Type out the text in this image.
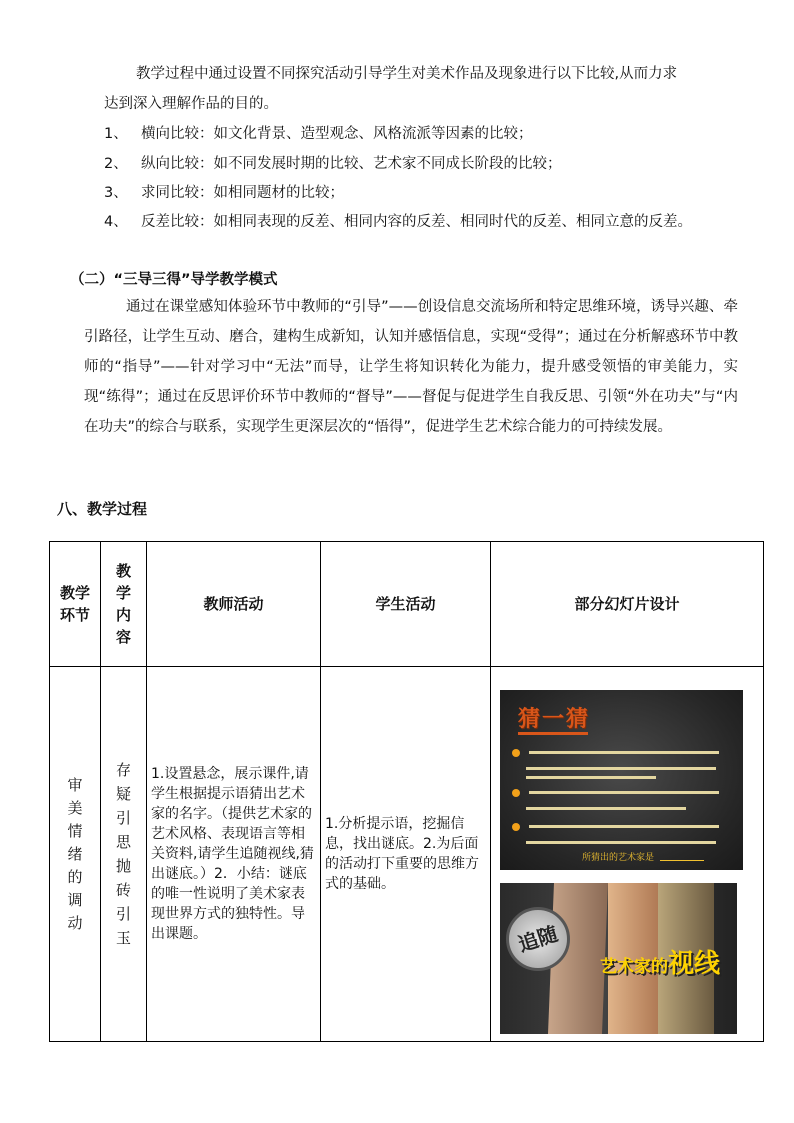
教学过程中通过设置不同探究活动引导学生对美术作品及现象进行以下比较,从而力求
达到深入理解作品的目的。
1、 横向比较：如文化背景、造型观念、风格流派等因素的比较；
2、 纵向比较：如不同发展时期的比较、艺术家不同成长阶段的比较；
3、 求同比较：如相同题材的比较；
4、 反差比较：如相同表现的反差、相同内容的反差、相同时代的反差、相同立意的反差。
（二）“三导三得”导学教学模式
通过在课堂感知体验环节中教师的“引导”——创设信息交流场所和特定思维环境，诱导兴趣、牵引路径，让学生互动、磨合，建构生成新知，认知并感悟信息，实现“受得”；通过在分析解惑环节中教师的“指导”——针对学习中“无法”而导，让学生将知识转化为能力，提升感受领悟的审美能力，实现“练得”；通过在反思评价环节中教师的“督导”——督促与促进学生自我反思、引领“外在功夫”与“内在功夫”的综合与联系，实现学生更深层次的“悟得”，促进学生艺术综合能力的可持续发展。
八、教学过程
教学环节	教学内容	教师活动	学生活动	部分幻灯片设计

审美情绪的调动	存疑引思 抛砖引玉	1.设置悬念，展示课件,请学生根据提示语猜出艺术家的名字。（提供艺术家的艺术风格、表现语言等相关资料,请学生追随视线,猜出谜底。）2．小结：谜底的唯一性说明了美术家表现世界方式的独特性。导出课题。	1.分析提示语，挖掘信息，找出谜底。2.为后面的活动打下重要的思维方式的基础。	

猜一猜

所猜出的艺术家是
追随
艺术家的视线
